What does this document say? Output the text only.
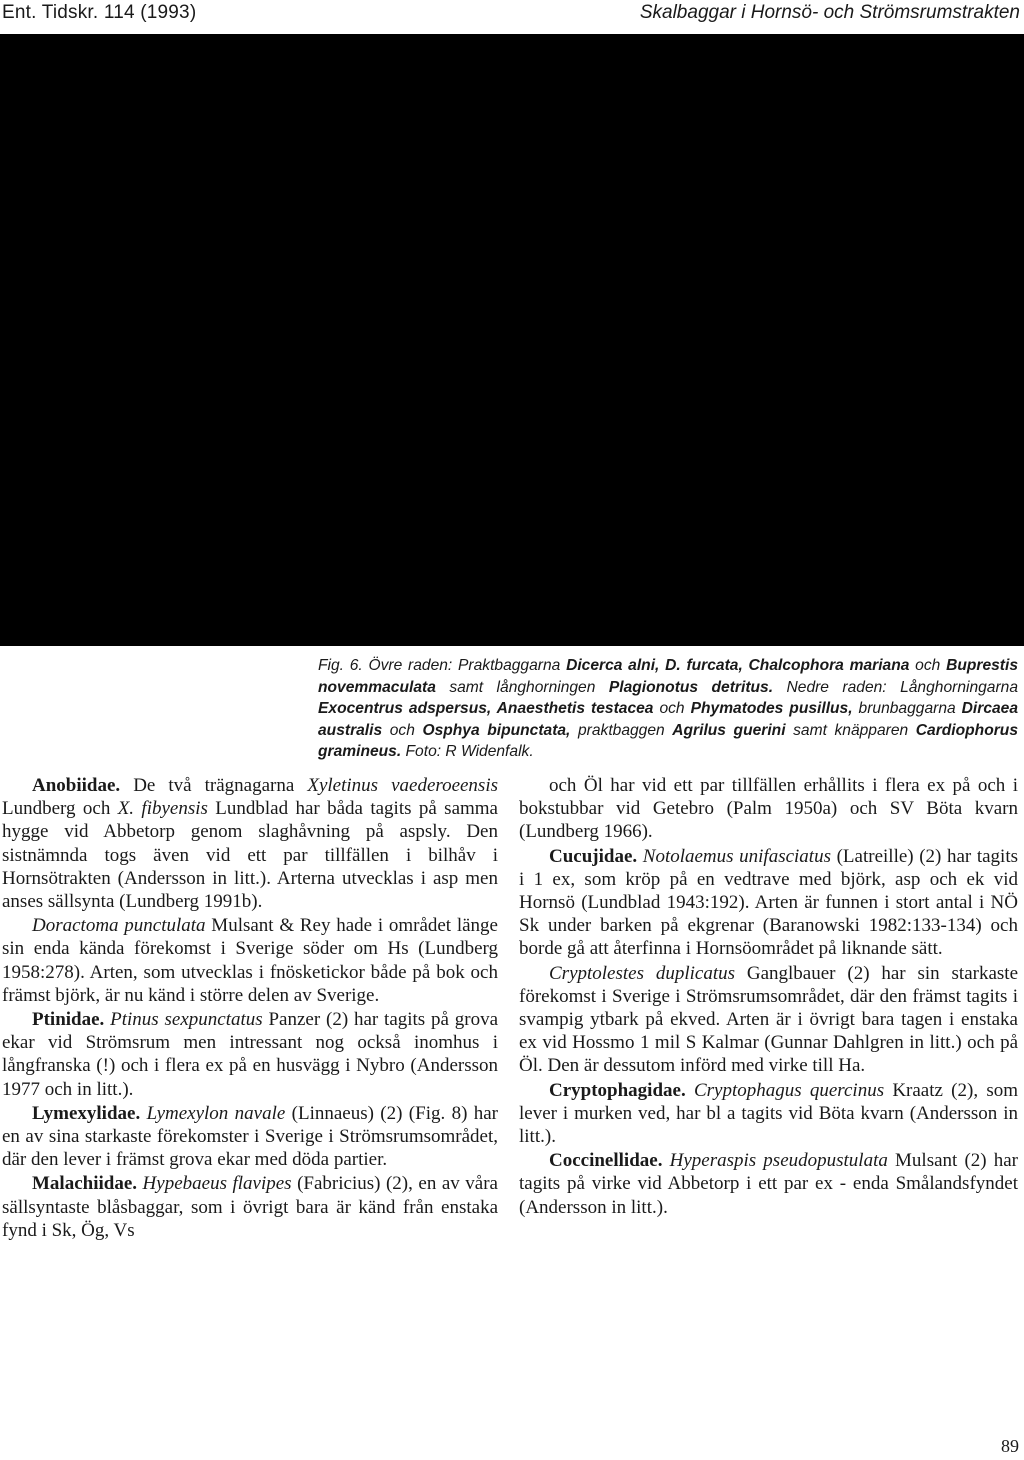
Ent. Tidskr. 114 (1993)	Skalbaggar i Hornsö- och Strömsrumstrakten
Fig. 6. Övre raden: Praktbaggarna Dicerca alni, D. furcata, Chalcophora mariana och Buprestis novemmaculata samt långhorningen Plagionotus detritus. Nedre raden: Långhorningarna Exocentrus adspersus, Anaesthetis testacea och Phymatodes pusillus, brunbaggarna Dircaea australis och Osphya bipunctata, praktbaggen Agrilus guerini samt knäpparen Cardiophorus gramineus. Foto: R Widenfalk.

Anobiidae. De två trägnagarna Xyletinus vaederoeensis Lundberg och X. fibyensis Lundblad har båda tagits på samma hygge vid Abbetorp genom slaghåvning på aspsly. Den sistnämnda togs även vid ett par tillfällen i bilhåv i Hornsötrakten (Andersson in litt.). Arterna utvecklas i asp men anses sällsynta (Lundberg 1991b).

Doractoma punctulata Mulsant & Rey hade i området länge sin enda kända förekomst i Sverige söder om Hs (Lundberg 1958:278). Arten, som utvecklas i fnösketickor både på bok och främst björk, är nu känd i större delen av Sverige.

Ptinidae. Ptinus sexpunctatus Panzer (2) har tagits på grova ekar vid Strömsrum men intressant nog också inomhus i långfranska (!) och i flera ex på en husvägg i Nybro (Andersson 1977 och in litt.).

Lymexylidae. Lymexylon navale (Linnaeus) (2) (Fig. 8) har en av sina starkaste förekomster i Sverige i Strömsrumsområdet, där den lever i främst grova ekar med döda partier.

Malachiidae. Hypebaeus flavipes (Fabricius) (2), en av våra sällsyntaste blåsbaggar, som i övrigt bara är känd från enstaka fynd i Sk, Ög, Vs

och Öl har vid ett par tillfällen erhållits i flera ex på och i bokstubbar vid Getebro (Palm 1950a) och SV Böta kvarn (Lundberg 1966).

Cucujidae. Notolaemus unifasciatus (Latreille) (2) har tagits i 1 ex, som kröp på en vedtrave med björk, asp och ek vid Hornsö (Lundblad 1943:192). Arten är funnen i stort antal i NÖ Sk under barken på ekgrenar (Baranowski 1982:133-134) och borde gå att återfinna i Hornsöområdet på liknande sätt.

Cryptolestes duplicatus Ganglbauer (2) har sin starkaste förekomst i Sverige i Strömsrumsområdet, där den främst tagits i svampig ytbark på ekved. Arten är i övrigt bara tagen i enstaka ex vid Hossmo 1 mil S Kalmar (Gunnar Dahlgren in litt.) och på Öl. Den är dessutom införd med virke till Ha.

Cryptophagidae. Cryptophagus quercinus Kraatz (2), som lever i murken ved, har bl a tagits vid Böta kvarn (Andersson in litt.).

Coccinellidae. Hyperaspis pseudopustulata Mulsant (2) har tagits på virke vid Abbetorp i ett par ex - enda Smålandsfyndet (Andersson in litt.).

89
